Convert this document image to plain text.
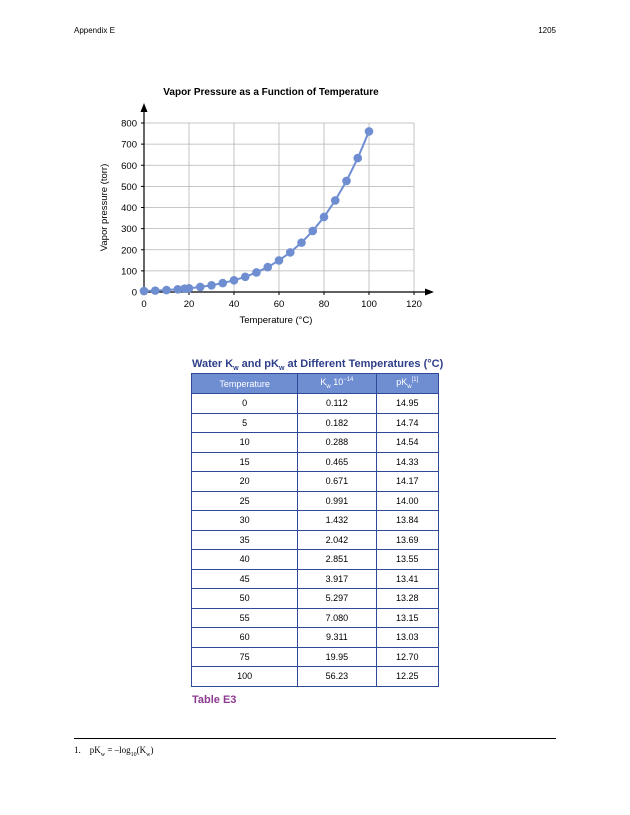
Appendix E	1205
Vapor Pressure as a Function of Temperature
0
100
200
300
400
500
600
700
800
0	20	40	60	80	100	120
Temperature (°C)
Vapor pressure (torr)
Water $K_w$ and $pK_w$ at Different Temperatures (°C)
Temperature	$K_w$ $10^{-14}$	$pK_w[1]$
0	0.112	14.95
5	0.182	14.74
10	0.288	14.54
15	0.465	14.33
20	0.671	14.17
25	0.991	14.00
30	1.432	13.84
35	2.042	13.69
40	2.851	13.55
45	3.917	13.41
50	5.297	13.28
55	7.080	13.15
60	9.311	13.03
75	19.95	12.70
100	56.23	12.25
Table E3
1. $pK_w = -\log_{10}(K_w)$
